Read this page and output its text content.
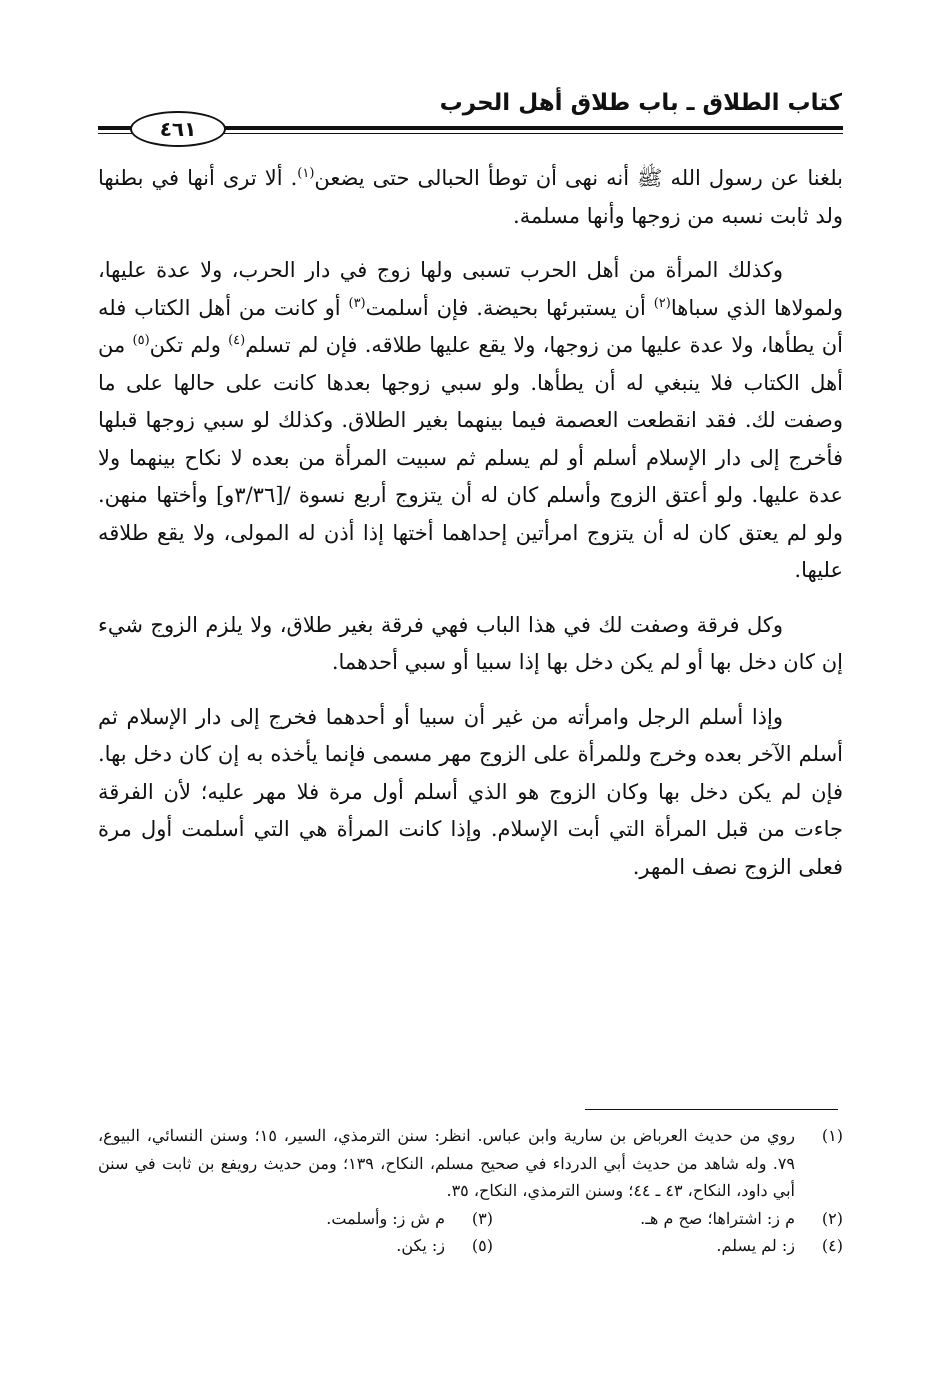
كتاب الطلاق ـ باب طلاق أهل الحرب
٤٦١

بلغنا عن رسول الله ﷺ أنه نهى أن توطأ الحبالى حتى يضعن$^{(١)}$. ألا ترى أنها في بطنها ولد ثابت نسبه من زوجها وأنها مسلمة.

وكذلك المرأة من أهل الحرب تسبى ولها زوج في دار الحرب، ولا عدة عليها، ولمولاها الذي سباها$^{(٢)}$ أن يستبرئها بحيضة. فإن أسلمت$^{(٣)}$ أو كانت من أهل الكتاب فله أن يطأها، ولا عدة عليها من زوجها، ولا يقع عليها طلاقه. فإن لم تسلم$^{(٤)}$ ولم تكن$^{(٥)}$ من أهل الكتاب فلا ينبغي له أن يطأها. ولو سبي زوجها بعدها كانت على حالها على ما وصفت لك. فقد انقطعت العصمة فيما بينهما بغير الطلاق. وكذلك لو سبي زوجها قبلها فأخرج إلى دار الإسلام أسلم أو لم يسلم ثم سبيت المرأة من بعده لا نكاح بينهما ولا عدة عليها. ولو أعتق الزوج وأسلم كان له أن يتزوج أربع نسوة /[٣/٣٦و] وأختها منهن. ولو لم يعتق كان له أن يتزوج امرأتين إحداهما أختها إذا أذن له المولى، ولا يقع طلاقه عليها.

وكل فرقة وصفت لك في هذا الباب فهي فرقة بغير طلاق، ولا يلزم الزوج شيء إن كان دخل بها أو لم يكن دخل بها إذا سبيا أو سبي أحدهما.

وإذا أسلم الرجل وامرأته من غير أن سبيا أو أحدهما فخرج إلى دار الإسلام ثم أسلم الآخر بعده وخرج وللمرأة على الزوج مهر مسمى فإنما يأخذه به إن كان دخل بها. فإن لم يكن دخل بها وكان الزوج هو الذي أسلم أول مرة فلا مهر عليه؛ لأن الفرقة جاءت من قبل المرأة التي أبت الإسلام. وإذا كانت المرأة هي التي أسلمت أول مرة فعلى الزوج نصف المهر.

(١)
روي من حديث العرباض بن سارية وابن عباس. انظر: سنن الترمذي، السير، ١٥؛ وسنن النسائي، البيوع، ٧٩. وله شاهد من حديث أبي الدرداء في صحيح مسلم، النكاح، ١٣٩؛ ومن حديث رويفع بن ثابت في سنن أبي داود، النكاح، ٤٣ ـ ٤٤؛ وسنن الترمذي، النكاح، ٣٥.
(٢)
م ز: اشتراها؛ صح م هـ.
(٣)
م ش ز: وأسلمت.
(٤)
ز: لم يسلم.
(٥)
ز: يكن.
